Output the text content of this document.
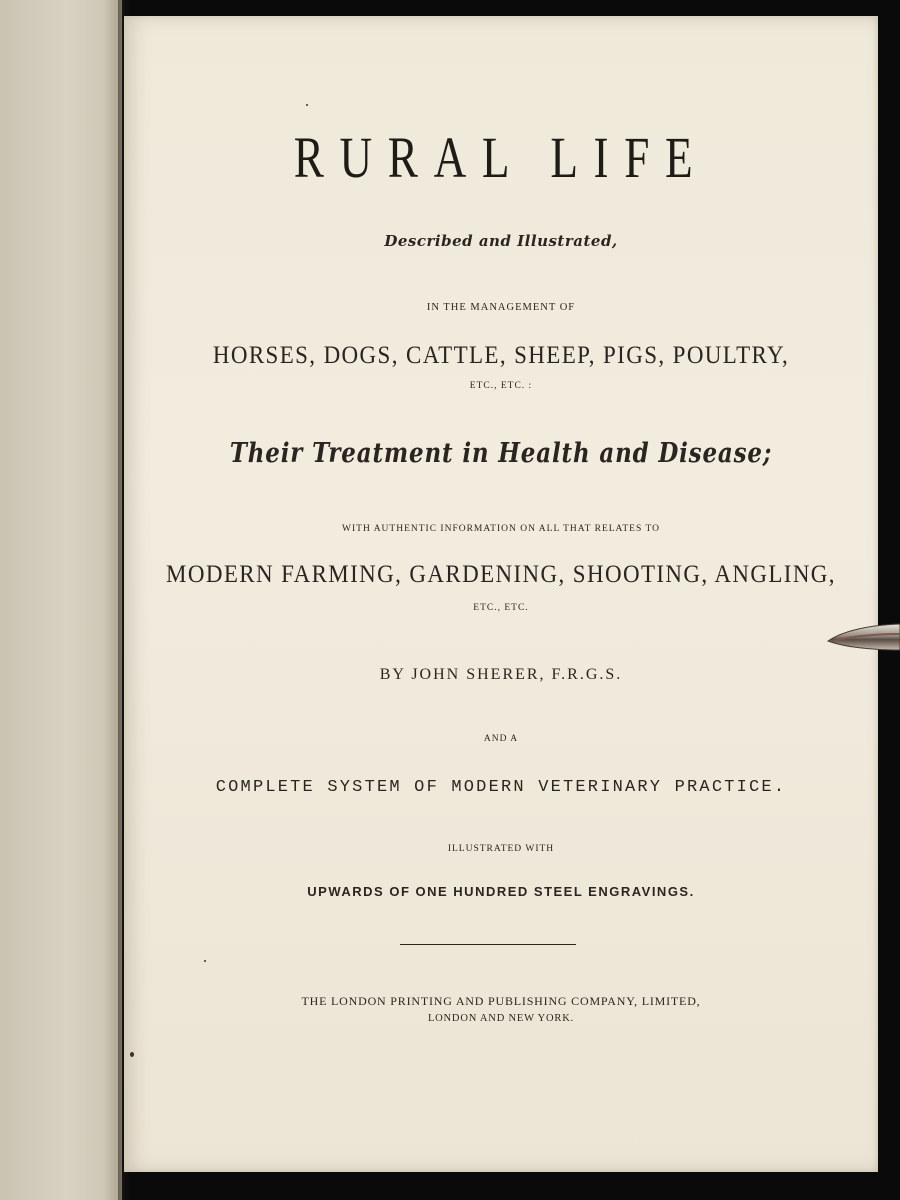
RURAL LIFE
Described and Illustrated,
IN THE MANAGEMENT OF
HORSES, DOGS, CATTLE, SHEEP, PIGS, POULTRY,
ETC., ETC. :
Their Treatment in Health and Disease;
WITH AUTHENTIC INFORMATION ON ALL THAT RELATES TO
MODERN FARMING, GARDENING, SHOOTING, ANGLING,
ETC., ETC.
BY JOHN SHERER, F.R.G.S.
AND A
COMPLETE SYSTEM OF MODERN VETERINARY PRACTICE.
ILLUSTRATED WITH
UPWARDS OF ONE HUNDRED STEEL ENGRAVINGS.
THE LONDON PRINTING AND PUBLISHING COMPANY, LIMITED,
LONDON AND NEW YORK.
